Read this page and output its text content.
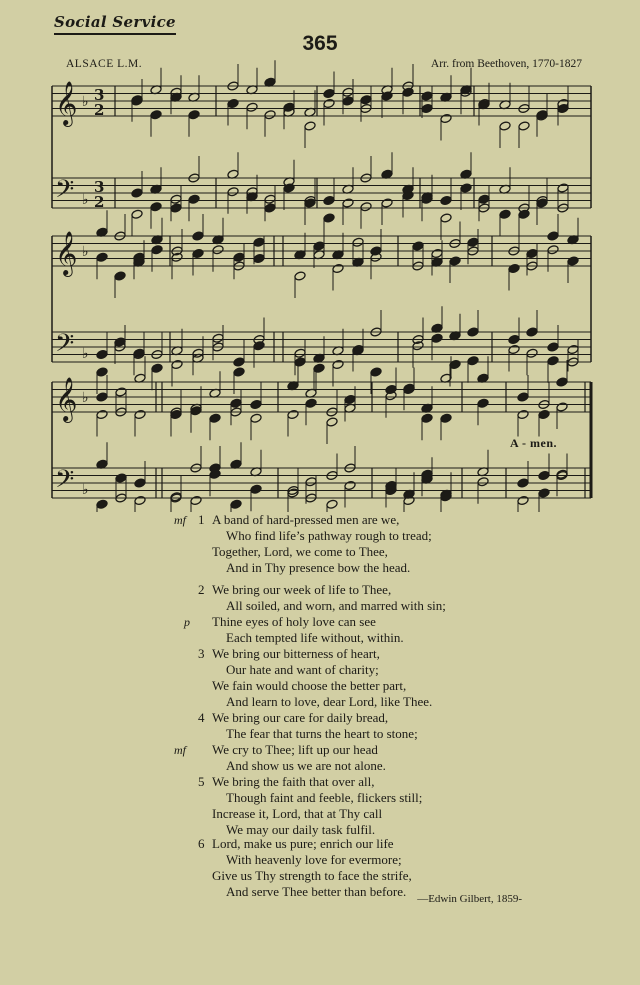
Social Service
365
ALSACE L.M.	Arr. from Beethoven, 1770-1827
𝄞 ♭ 3
2
𝄢 ♭
3
2
𝄞 ♭
𝄢 ♭
𝄞 ♭
𝄢 ♭
A - men.
mf 1 A band of hard-pressed men are we,
Who find life’s pathway rough to tread;
Together, Lord, we come to Thee,
And in Thy presence bow the head.
p
2 We bring our week of life to Thee,
All soiled, and worn, and marred with sin;
Thine eyes of holy love can see
Each tempted life without, within.
3 We bring our bitterness of heart,
Our hate and want of charity;
We fain would choose the better part,
And learn to love, dear Lord, like Thee.
mf
4 We bring our care for daily bread,
The fear that turns the heart to stone;
We cry to Thee; lift up our head
And show us we are not alone.
5 We bring the faith that over all,
Though faint and feeble, flickers still;
Increase it, Lord, that at Thy call
We may our daily task fulfil.
6 Lord, make us pure; enrich our life
With heavenly love for evermore;
Give us Thy strength to face the strife,
And serve Thee better than before. —Edwin Gilbert, 1859-
